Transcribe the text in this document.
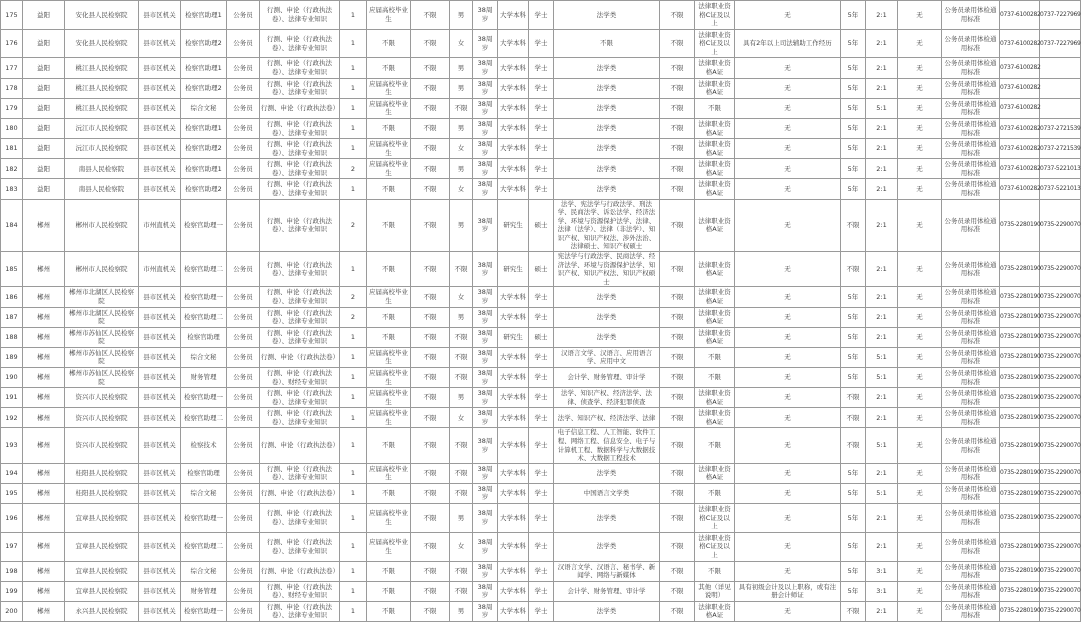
175	益阳	安化县人民检察院	县市区机关	检察官助理1	公务员	行测、申论（行政执法卷）、法律专业知识	1	应届高校毕业生	不限	男	38周岁	大学本科	学士	法学类	不限	法律职业资格C证及以上	无	5年	2:1	无	公务员录用体检通用标准	0737-6100282	0737-7227969
176	益阳	安化县人民检察院	县市区机关	检察官助理2	公务员	行测、申论（行政执法卷）、法律专业知识	1	不限	不限	女	38周岁	大学本科	学士	不限	不限	法律职业资格C证及以上	具有2年以上司法辅助工作经历	5年	2:1	无	公务员录用体检通用标准	0737-6100282	0737-7227969
177	益阳	桃江县人民检察院	县市区机关	检察官助理1	公务员	行测、申论（行政执法卷）、法律专业知识	1	不限	不限	男	38周岁	大学本科	学士	法学类	不限	法律职业资格A证	无	5年	2:1	无	公务员录用体检通用标准	0737-6100282	
178	益阳	桃江县人民检察院	县市区机关	检察官助理2	公务员	行测、申论（行政执法卷）、法律专业知识	1	应届高校毕业生	不限	男	38周岁	大学本科	学士	法学类	不限	法律职业资格A证	无	5年	2:1	无	公务员录用体检通用标准	0737-6100282	
179	益阳	桃江县人民检察院	县市区机关	综合文秘	公务员	行测、申论（行政执法卷）	1	应届高校毕业生	不限	不限	38周岁	大学本科	学士	法学类	不限	不限	无	5年	5:1	无	公务员录用体检通用标准	0737-6100282	
180	益阳	沅江市人民检察院	县市区机关	检察官助理1	公务员	行测、申论（行政执法卷）、法律专业知识	1	不限	不限	男	38周岁	大学本科	学士	法学类	不限	法律职业资格A证	无	5年	2:1	无	公务员录用体检通用标准	0737-6100282	0737-2721539
181	益阳	沅江市人民检察院	县市区机关	检察官助理2	公务员	行测、申论（行政执法卷）、法律专业知识	1	应届高校毕业生	不限	女	38周岁	大学本科	学士	法学类	不限	法律职业资格A证	无	5年	2:1	无	公务员录用体检通用标准	0737-6100282	0737-2721539
182	益阳	南县人民检察院	县市区机关	检察官助理1	公务员	行测、申论（行政执法卷）、法律专业知识	2	应届高校毕业生	不限	男	38周岁	大学本科	学士	法学类	不限	法律职业资格A证	无	5年	2:1	无	公务员录用体检通用标准	0737-6100282	0737-5221013
183	益阳	南县人民检察院	县市区机关	检察官助理2	公务员	行测、申论（行政执法卷）、法律专业知识	1	不限	不限	女	38周岁	大学本科	学士	法学类	不限	法律职业资格A证	无	5年	2:1	无	公务员录用体检通用标准	0737-6100282	0737-5221013
184	郴州	郴州市人民检察院	市州直机关	检察官助理一	公务员	行测、申论（行政执法卷）、法律专业知识	2	不限	不限	男	38周岁	研究生	硕士	法学、宪法学与行政法学、刑法学、民商法学、诉讼法学、经济法学、环境与资源保护法学、法律、法律（法学）、法律（非法学）、知识产权、知识产权法、涉外法治、法律硕士、知识产权硕士	不限	法律职业资格A证	无	不限	2:1	无	公务员录用体检通用标准	0735-2280190	0735-2290070
185	郴州	郴州市人民检察院	市州直机关	检察官助理二	公务员	行测、申论（行政执法卷）、法律专业知识	1	不限	不限	不限	38周岁	研究生	硕士	宪法学与行政法学、民商法学、经济法学、环境与资源保护法学、知识产权、知识产权法、知识产权硕士	不限	法律职业资格A证	无	不限	2:1	无	公务员录用体检通用标准	0735-2280190	0735-2290070
186	郴州	郴州市北湖区人民检察院	县市区机关	检察官助理一	公务员	行测、申论（行政执法卷）、法律专业知识	2	应届高校毕业生	不限	女	38周岁	大学本科	学士	法学类	不限	法律职业资格A证	无	5年	2:1	无	公务员录用体检通用标准	0735-2280190	0735-2290070
187	郴州	郴州市北湖区人民检察院	县市区机关	检察官助理二	公务员	行测、申论（行政执法卷）、法律专业知识	2	不限	不限	男	38周岁	大学本科	学士	法学类	不限	法律职业资格A证	无	5年	2:1	无	公务员录用体检通用标准	0735-2280190	0735-2290070
188	郴州	郴州市苏仙区人民检察院	县市区机关	检察官助理	公务员	行测、申论（行政执法卷）、法律专业知识	1	不限	不限	不限	38周岁	研究生	硕士	法学类	不限	法律职业资格A证	无	5年	2:1	无	公务员录用体检通用标准	0735-2280190	0735-2290070
189	郴州	郴州市苏仙区人民检察院	县市区机关	综合文秘	公务员	行测、申论（行政执法卷）	1	应届高校毕业生	不限	不限	38周岁	大学本科	学士	汉语言文学、汉语言、应用语言学、应用中文	不限	不限	无	5年	5:1	无	公务员录用体检通用标准	0735-2280190	0735-2290070
190	郴州	郴州市苏仙区人民检察院	县市区机关	财务管理	公务员	行测、申论（行政执法卷）、财经专业知识	1	应届高校毕业生	不限	不限	38周岁	大学本科	学士	会计学、财务管理、审计学	不限	不限	无	5年	5:1	无	公务员录用体检通用标准	0735-2280190	0735-2290070
191	郴州	资兴市人民检察院	县市区机关	检察官助理一	公务员	行测、申论（行政执法卷）、法律专业知识	1	应届高校毕业生	不限	男	38周岁	大学本科	学士	法学、知识产权、经济法学、法律、侦查学、经济犯罪侦查	不限	法律职业资格A证	无	不限	2:1	无	公务员录用体检通用标准	0735-2280190	0735-2290070
192	郴州	资兴市人民检察院	县市区机关	检察官助理二	公务员	行测、申论（行政执法卷）、法律专业知识	1	应届高校毕业生	不限	女	38周岁	大学本科	学士	法学、知识产权、经济法学、法律	不限	法律职业资格A证	无	不限	2:1	无	公务员录用体检通用标准	0735-2280190	0735-2290070
193	郴州	资兴市人民检察院	县市区机关	检察技术	公务员	行测、申论（行政执法卷）	1	不限	不限	不限	38周岁	大学本科	学士	电子信息工程、人工智能、软件工程、网络工程、信息安全、电子与计算机工程、数据科学与大数据技术、大数据工程技术	不限	不限	无	不限	5:1	无	公务员录用体检通用标准	0735-2280190	0735-2290070
194	郴州	桂阳县人民检察院	县市区机关	检察官助理	公务员	行测、申论（行政执法卷）、法律专业知识	1	应届高校毕业生	不限	不限	38周岁	大学本科	学士	法学类	不限	法律职业资格A证	无	5年	2:1	无	公务员录用体检通用标准	0735-2280190	0735-2290070
195	郴州	桂阳县人民检察院	县市区机关	综合文秘	公务员	行测、申论（行政执法卷）	1	不限	不限	不限	38周岁	大学本科	学士	中国语言文学类	不限	不限	无	5年	5:1	无	公务员录用体检通用标准	0735-2280190	0735-2290070
196	郴州	宜章县人民检察院	县市区机关	检察官助理一	公务员	行测、申论（行政执法卷）、法律专业知识	1	应届高校毕业生	不限	男	38周岁	大学本科	学士	法学类	不限	法律职业资格C证及以上	无	5年	2:1	无	公务员录用体检通用标准	0735-2280190	0735-2290070
197	郴州	宜章县人民检察院	县市区机关	检察官助理二	公务员	行测、申论（行政执法卷）、法律专业知识	1	应届高校毕业生	不限	女	38周岁	大学本科	学士	法学类	不限	法律职业资格C证及以上	无	5年	2:1	无	公务员录用体检通用标准	0735-2280190	0735-2290070
198	郴州	宜章县人民检察院	县市区机关	综合文秘	公务员	行测、申论（行政执法卷）	1	不限	不限	不限	38周岁	大学本科	学士	汉语言文学、汉语言、秘书学、新闻学、网络与新媒体	不限	不限	无	5年	3:1	无	公务员录用体检通用标准	0735-2280190	0735-2290070
199	郴州	宜章县人民检察院	县市区机关	财务管理	公务员	行测、申论（行政执法卷）、财经专业知识	1	不限	不限	不限	38周岁	大学本科	学士	会计学、财务管理、审计学	不限	其他（详见说明）	具有初级会计及以上职称，或有注册会计师证	5年	3:1	无	公务员录用体检通用标准	0735-2280190	0735-2290070
200	郴州	永兴县人民检察院	县市区机关	检察官助理一	公务员	行测、申论（行政执法卷）、法律专业知识	1	不限	不限	男	38周岁	大学本科	学士	法学类	不限	法律职业资格A证	无	不限	2:1	无	公务员录用体检通用标准	0735-2280190	0735-2290070
